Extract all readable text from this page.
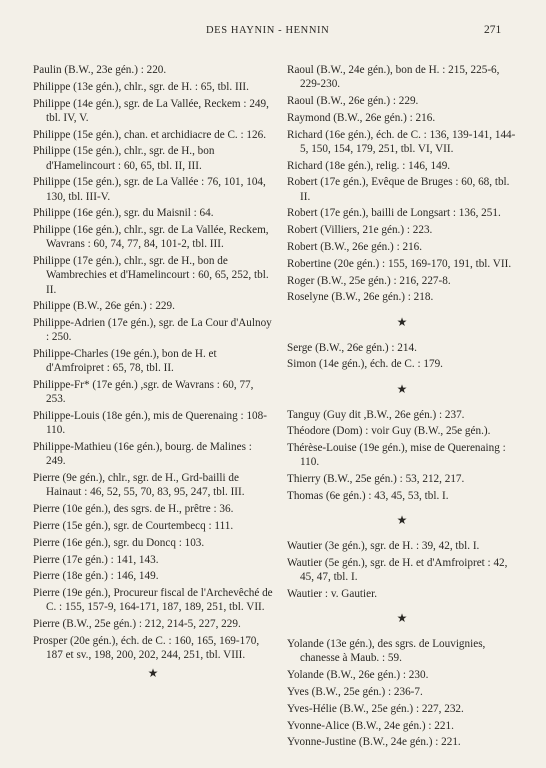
DES HAYNIN - HENNIN	271
Paulin (B.W., 23e gén.) : 220.
Philippe (13e gén.), chlr., sgr. de H. : 65, tbl. III.
Philippe (14e gén.), sgr. de La Vallée, Reckem : 249, tbl. IV, V.
Philippe (15e gén.), chan. et archidiacre de C. : 126.
Philippe (15e gén.), chlr., sgr. de H., bon d'Hamelincourt : 60, 65, tbl. II, III.
Philippe (15e gén.), sgr. de La Vallée : 76, 101, 104, 130, tbl. III-V.
Philippe (16e gén.), sgr. du Maisnil : 64.
Philippe (16e gén.), chlr., sgr. de La Vallée, Reckem, Wavrans : 60, 74, 77, 84, 101-2, tbl. III.
Philippe (17e gén.), chlr., sgr. de H., bon de Wambrechies et d'Hamelincourt : 60, 65, 252, tbl. II.
Philippe (B.W., 26e gén.) : 229.
Philippe-Adrien (17e gén.), sgr. de La Cour d'Aulnoy : 250.
Philippe-Charles (19e gén.), bon de H. et d'Amfroipret : 65, 78, tbl. II.
Philippe-Fr* (17e gén.) ,sgr. de Wavrans : 60, 77, 253.
Philippe-Louis (18e gén.), mis de Querenaing : 108-110.
Philippe-Mathieu (16e gén.), bourg. de Malines : 249.
Pierre (9e gén.), chlr., sgr. de H., Grd-bailli de Hainaut : 46, 52, 55, 70, 83, 95, 247, tbl. III.
Pierre (10e gén.), des sgrs. de H., prêtre : 36.
Pierre (15e gén.), sgr. de Courtembecq : 111.
Pierre (16e gén.), sgr. du Doncq : 103.
Pierre (17e gén.) : 141, 143.
Pierre (18e gén.) : 146, 149.
Pierre (19e gén.), Procureur fiscal de l'Archevêché de C. : 155, 157-9, 164-171, 187, 189, 251, tbl. VII.
Pierre (B.W., 25e gén.) : 212, 214-5, 227, 229.
Prosper (20e gén.), éch. de C. : 160, 165, 169-170, 187 et sv., 198, 200, 202, 244, 251, tbl. VIII.
★
Raoul (B.W., 24e gén.), bon de H. : 215, 225-6, 229-230.
Raoul (B.W., 26e gén.) : 229.
Raymond (B.W., 26e gén.) : 216.
Richard (16e gén.), éch. de C. : 136, 139-141, 144-5, 150, 154, 179, 251, tbl. VI, VII.
Richard (18e gén.), relig. : 146, 149.
Robert (17e gén.), Evêque de Bruges : 60, 68, tbl. II.
Robert (17e gén.), bailli de Longsart : 136, 251.
Robert (Villiers, 21e gén.) : 223.
Robert (B.W., 26e gén.) : 216.
Robertine (20e gén.) : 155, 169-170, 191, tbl. VII.
Roger (B.W., 25e gén.) : 216, 227-8.
Roselyne (B.W., 26e gén.) : 218.
★
Serge (B.W., 26e gén.) : 214.
Simon (14e gén.), éch. de C. : 179.
★
Tanguy (Guy dit ,B.W., 26e gén.) : 237.
Théodore (Dom) : voir Guy (B.W., 25e gén.).
Thérèse-Louise (19e gén.), mise de Querenaing : 110.
Thierry (B.W., 25e gén.) : 53, 212, 217.
Thomas (6e gén.) : 43, 45, 53, tbl. I.
★
Wautier (3e gén.), sgr. de H. : 39, 42, tbl. I.
Wautier (5e gén.), sgr. de H. et d'Amfroipret : 42, 45, 47, tbl. I.
Wautier : v. Gautier.
★
Yolande (13e gén.), des sgrs. de Louvignies, chanesse à Maub. : 59.
Yolande (B.W., 26e gén.) : 230.
Yves (B.W., 25e gén.) : 236-7.
Yves-Hélie (B.W., 25e gén.) : 227, 232.
Yvonne-Alice (B.W., 24e gén.) : 221.
Yvonne-Justine (B.W., 24e gén.) : 221.
